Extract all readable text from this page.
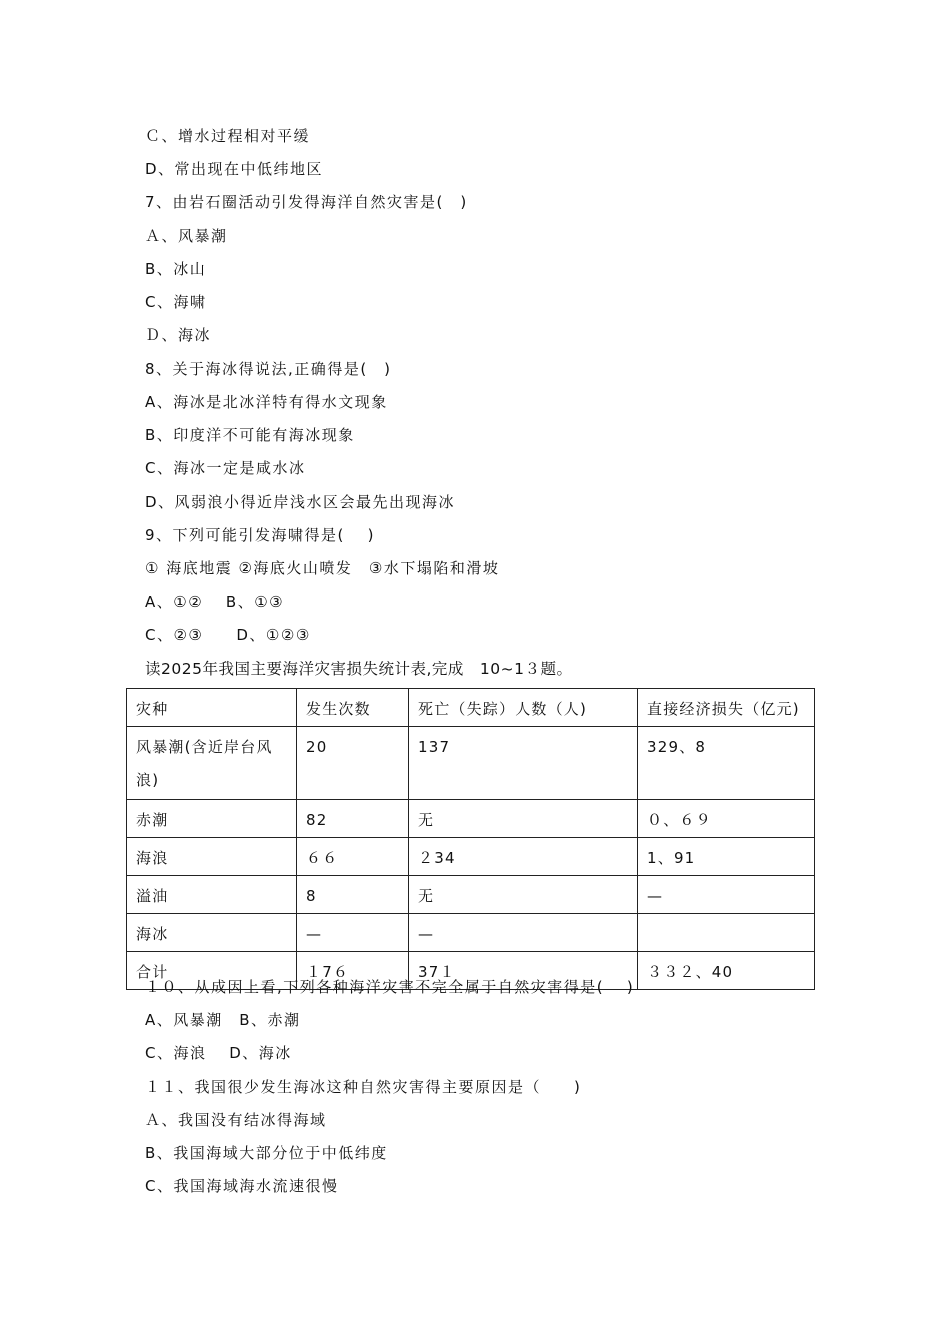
Ｃ、增水过程相对平缓
D、常出现在中低纬地区
7、由岩石圈活动引发得海洋自然灾害是(　)
Ａ、风暴潮
B、冰山
C、海啸
Ｄ、海冰
8、关于海冰得说法,正确得是(　)
A、海冰是北冰洋特有得水文现象
B、印度洋不可能有海冰现象
C、海冰一定是咸水冰
D、风弱浪小得近岸浅水区会最先出现海冰
9、下列可能引发海啸得是(　 )
① 海底地震 ②海底火山喷发　③水下塌陷和滑坡
A、①②　 B、①③
C、②③　　D、①②③
读2025年我国主要海洋灾害损失统计表,完成　10~1３题。
灾种	发生次数	死亡（失踪）人数（人)	直接经济损失（亿元)
风暴潮(含近岸台风浪)	20	137	329、8
赤潮	82	无	０、６９
海浪	６６	２34	1、91
溢油	8	无	—
海冰	—	—	
合计	１7６	37１	３３２、40
１０、从成因上看,下列各种海洋灾害不完全属于自然灾害得是(　 )
A、风暴潮　B、赤潮
C、海浪　 D、海冰
１１、我国很少发生海冰这种自然灾害得主要原因是（　　)
Ａ、我国没有结冰得海域
B、我国海域大部分位于中低纬度
C、我国海域海水流速很慢
